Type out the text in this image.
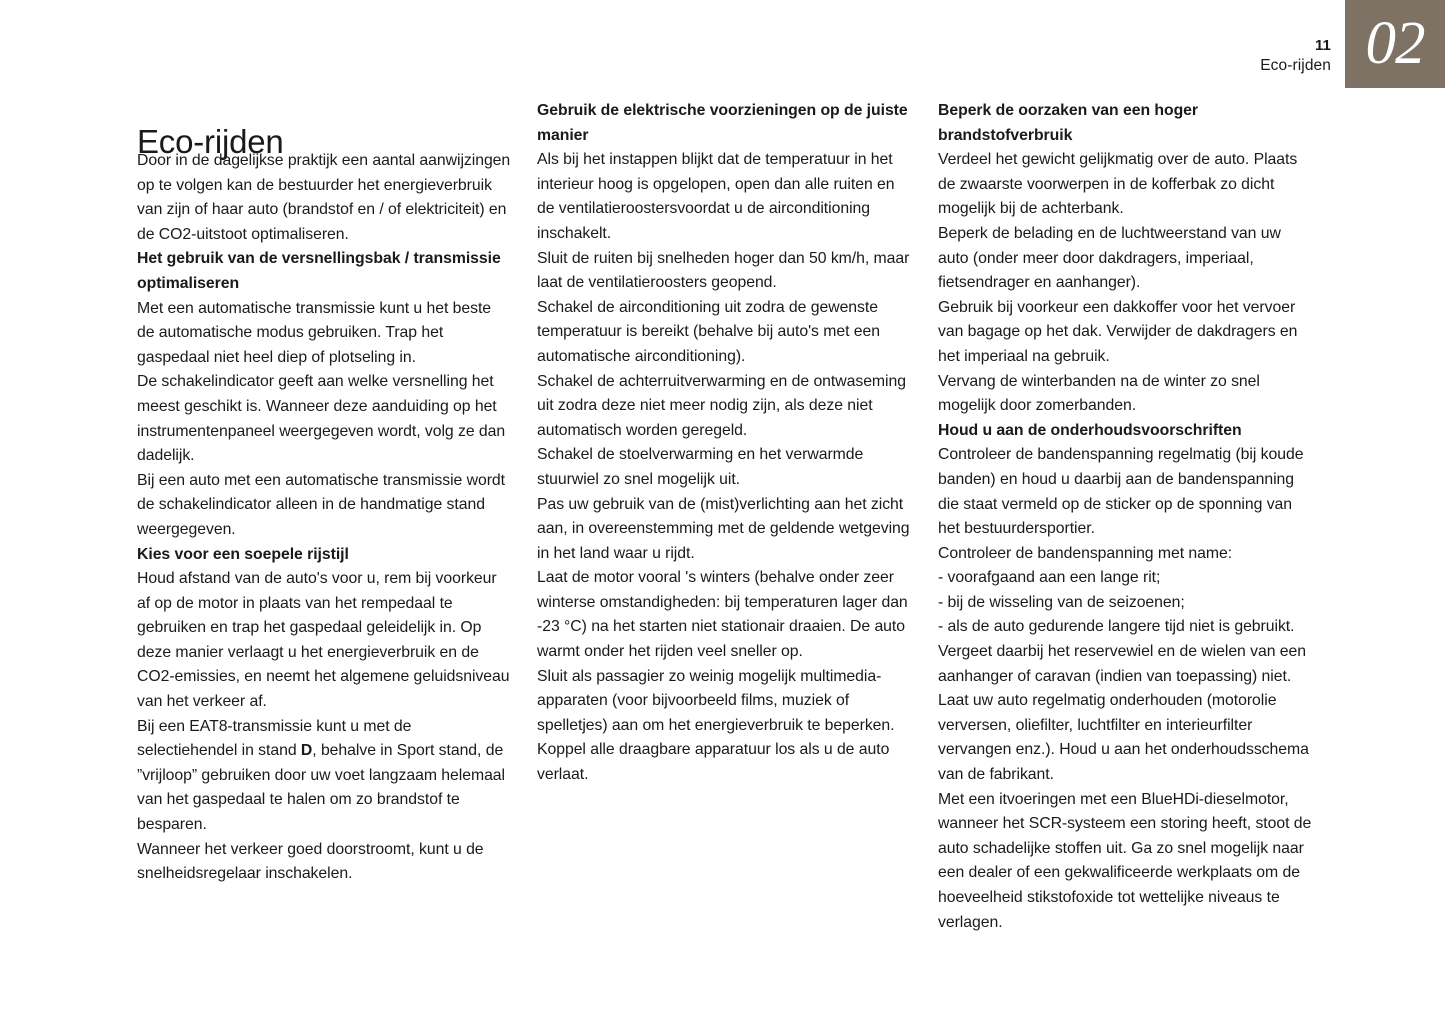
11
Eco-rijden 02
Eco-rijden

Door in de dagelijkse praktijk een aantal aanwijzingen op te volgen kan de bestuurder het energieverbruik van zijn of haar auto (brandstof en / of elektriciteit) en de CO2-uitstoot optimaliseren.

Het gebruik van de versnellingsbak / transmissie optimaliseren

Met een automatische transmissie kunt u het beste de automatische modus gebruiken. Trap het gaspedaal niet heel diep of plotseling in.

De schakelindicator geeft aan welke versnelling het meest geschikt is. Wanneer deze aanduiding op het instrumentenpaneel weergegeven wordt, volg ze dan dadelijk.

Bij een auto met een automatische transmissie wordt de schakelindicator alleen in de handmatige stand weergegeven.

Kies voor een soepele rijstijl

Houd afstand van de auto's voor u, rem bij voorkeur af op de motor in plaats van het rempedaal te gebruiken en trap het gaspedaal geleidelijk in. Op deze manier verlaagt u het energieverbruik en de CO2-emissies, en neemt het algemene geluidsniveau van het verkeer af.

Bij een EAT8-transmissie kunt u met de selectiehendel in stand D, behalve in Sport stand, de ”vrijloop” gebruiken door uw voet langzaam helemaal van het gaspedaal te halen om zo brandstof te besparen.

Wanneer het verkeer goed doorstroomt, kunt u de snelheidsregelaar inschakelen.

Gebruik de elektrische voorzieningen op de juiste manier

Als bij het instappen blijkt dat de temperatuur in het interieur hoog is opgelopen, open dan alle ruiten en de ventilatieroostersvoordat u de airconditioning inschakelt.

Sluit de ruiten bij snelheden hoger dan 50 km/h, maar laat de ventilatieroosters geopend.

Schakel de airconditioning uit zodra de gewenste temperatuur is bereikt (behalve bij auto's met een automatische airconditioning).

Schakel de achterruitverwarming en de ontwaseming uit zodra deze niet meer nodig zijn, als deze niet automatisch worden geregeld.

Schakel de stoelverwarming en het verwarmde stuurwiel zo snel mogelijk uit.

Pas uw gebruik van de (mist)verlichting aan het zicht aan, in overeenstemming met de geldende wetgeving in het land waar u rijdt.

Laat de motor vooral 's winters (behalve onder zeer winterse omstandigheden: bij temperaturen lager dan -23 °C) na het starten niet stationair draaien. De auto warmt onder het rijden veel sneller op.

Sluit als passagier zo weinig mogelijk multimedia-apparaten (voor bijvoorbeeld films, muziek of spelletjes) aan om het energieverbruik te beperken.

Koppel alle draagbare apparatuur los als u de auto verlaat.

Beperk de oorzaken van een hoger brandstofverbruik

Verdeel het gewicht gelijkmatig over de auto. Plaats de zwaarste voorwerpen in de kofferbak zo dicht mogelijk bij de achterbank.

Beperk de belading en de luchtweerstand van uw auto (onder meer door dakdragers, imperiaal, fietsendrager en aanhanger).

Gebruik bij voorkeur een dakkoffer voor het vervoer van bagage op het dak. Verwijder de dakdragers en het imperiaal na gebruik.

Vervang de winterbanden na de winter zo snel mogelijk door zomerbanden.

Houd u aan de onderhoudsvoorschriften

Controleer de bandenspanning regelmatig (bij koude banden) en houd u daarbij aan de bandenspanning die staat vermeld op de sticker op de sponning van het bestuurdersportier.

Controleer de bandenspanning met name:

- voorafgaand aan een lange rit;

- bij de wisseling van de seizoenen;

- als de auto gedurende langere tijd niet is gebruikt.

Vergeet daarbij het reservewiel en de wielen van een aanhanger of caravan (indien van toepassing) niet.

Laat uw auto regelmatig onderhouden (motorolie verversen, oliefilter, luchtfilter en interieurfilter vervangen enz.). Houd u aan het onderhoudsschema van de fabrikant.

Met een itvoeringen met een BlueHDi-dieselmotor, wanneer het SCR-systeem een storing heeft, stoot de auto schadelijke stoffen uit. Ga zo snel mogelijk naar een dealer of een gekwalificeerde werkplaats om de hoeveelheid stikstofoxide tot wettelijke niveaus te verlagen.
